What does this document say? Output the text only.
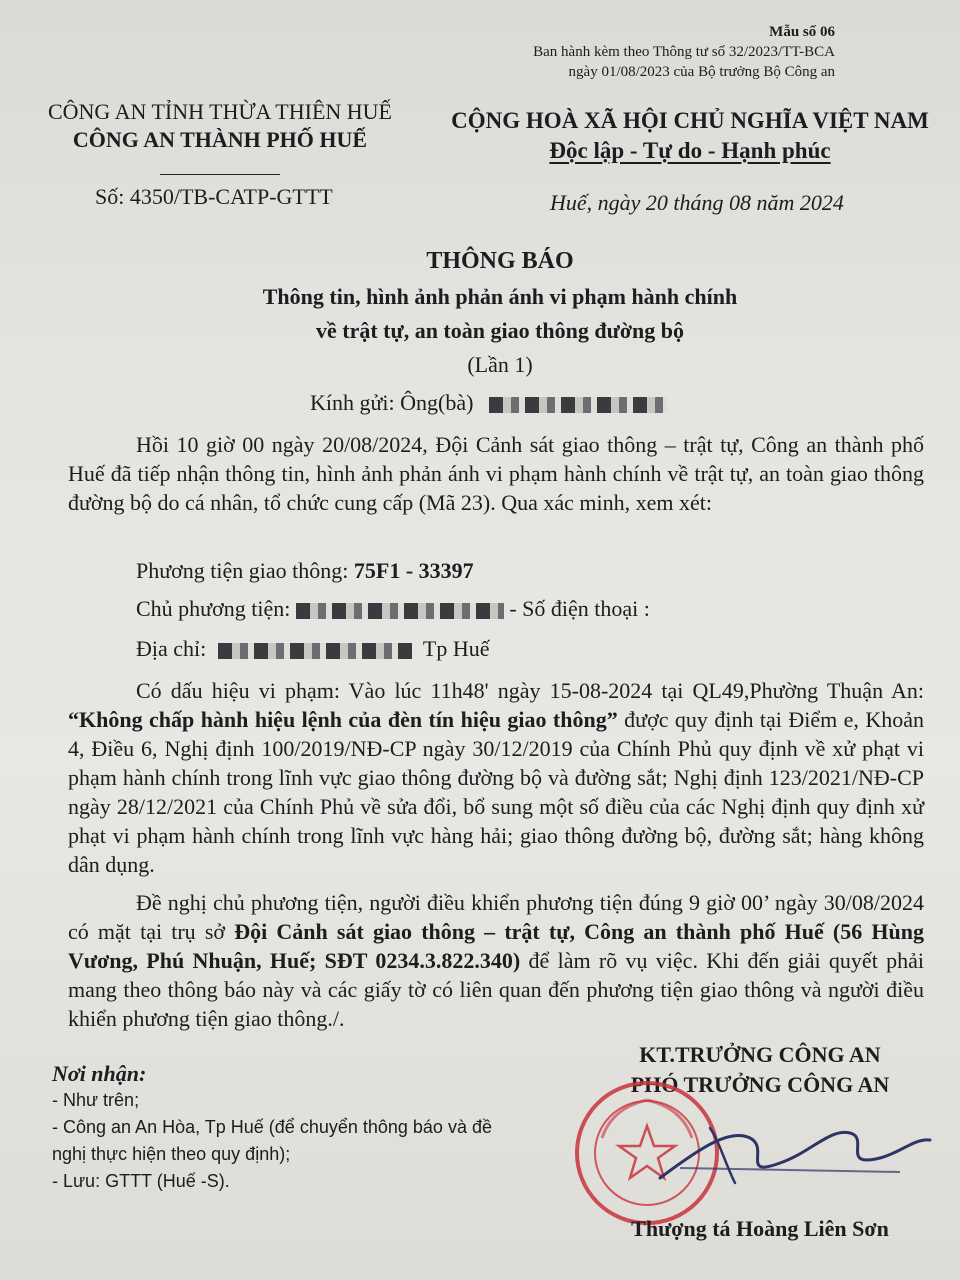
Mẫu số 06
Ban hành kèm theo Thông tư số 32/2023/TT-BCA
ngày 01/08/2023 của Bộ trưởng Bộ Công an
CÔNG AN TỈNH THỪA THIÊN HUẾ
CÔNG AN THÀNH PHỐ HUẾ
CỘNG HOÀ XÃ HỘI CHỦ NGHĨA VIỆT NAM
Độc lập - Tự do - Hạnh phúc
Số: 4350/TB-CATP-GTTT	Huế, ngày 20 tháng 08 năm 2024
THÔNG BÁO
Thông tin, hình ảnh phản ánh vi phạm hành chính
về trật tự, an toàn giao thông đường bộ
(Lần 1)
Kính gửi: Ông(bà)
Hồi 10 giờ 00 ngày 20/08/2024, Đội Cảnh sát giao thông – trật tự, Công an thành phố Huế đã tiếp nhận thông tin, hình ảnh phản ánh vi phạm hành chính về trật tự, an toàn giao thông đường bộ do cá nhân, tổ chức cung cấp (Mã 23). Qua xác minh, xem xét:
Phương tiện giao thông: 75F1 - 33397
Chủ phương tiện:	- Số điện thoại :
Địa chỉ:	Tp Huế
Có dấu hiệu vi phạm: Vào lúc 11h48' ngày 15-08-2024 tại QL49,Phường Thuận An: “Không chấp hành hiệu lệnh của đèn tín hiệu giao thông” được quy định tại Điểm e, Khoản 4, Điều 6, Nghị định 100/2019/NĐ-CP ngày 30/12/2019 của Chính Phủ quy định về xử phạt vi phạm hành chính trong lĩnh vực giao thông đường bộ và đường sắt; Nghị định 123/2021/NĐ-CP ngày 28/12/2021 của Chính Phủ về sửa đổi, bổ sung một số điều của các Nghị định quy định xử phạt vi phạm hành chính trong lĩnh vực hàng hải; giao thông đường bộ, đường sắt; hàng không dân dụng.
Đề nghị chủ phương tiện, người điều khiển phương tiện đúng 9 giờ 00’ ngày 30/08/2024 có mặt tại trụ sở Đội Cảnh sát giao thông – trật tự, Công an thành phố Huế (56 Hùng Vương, Phú Nhuận, Huế; SĐT 0234.3.822.340) để làm rõ vụ việc. Khi đến giải quyết phải mang theo thông báo này và các giấy tờ có liên quan đến phương tiện giao thông và người điều khiển phương tiện giao thông./.
Nơi nhận:
- Như trên;
- Công an An Hòa, Tp Huế (để chuyển thông báo và đề nghị thực hiện theo quy định);
- Lưu: GTTT (Huế -S).
KT.TRƯỞNG CÔNG AN
PHÓ TRƯỞNG CÔNG AN
Thượng tá Hoàng Liên Sơn
